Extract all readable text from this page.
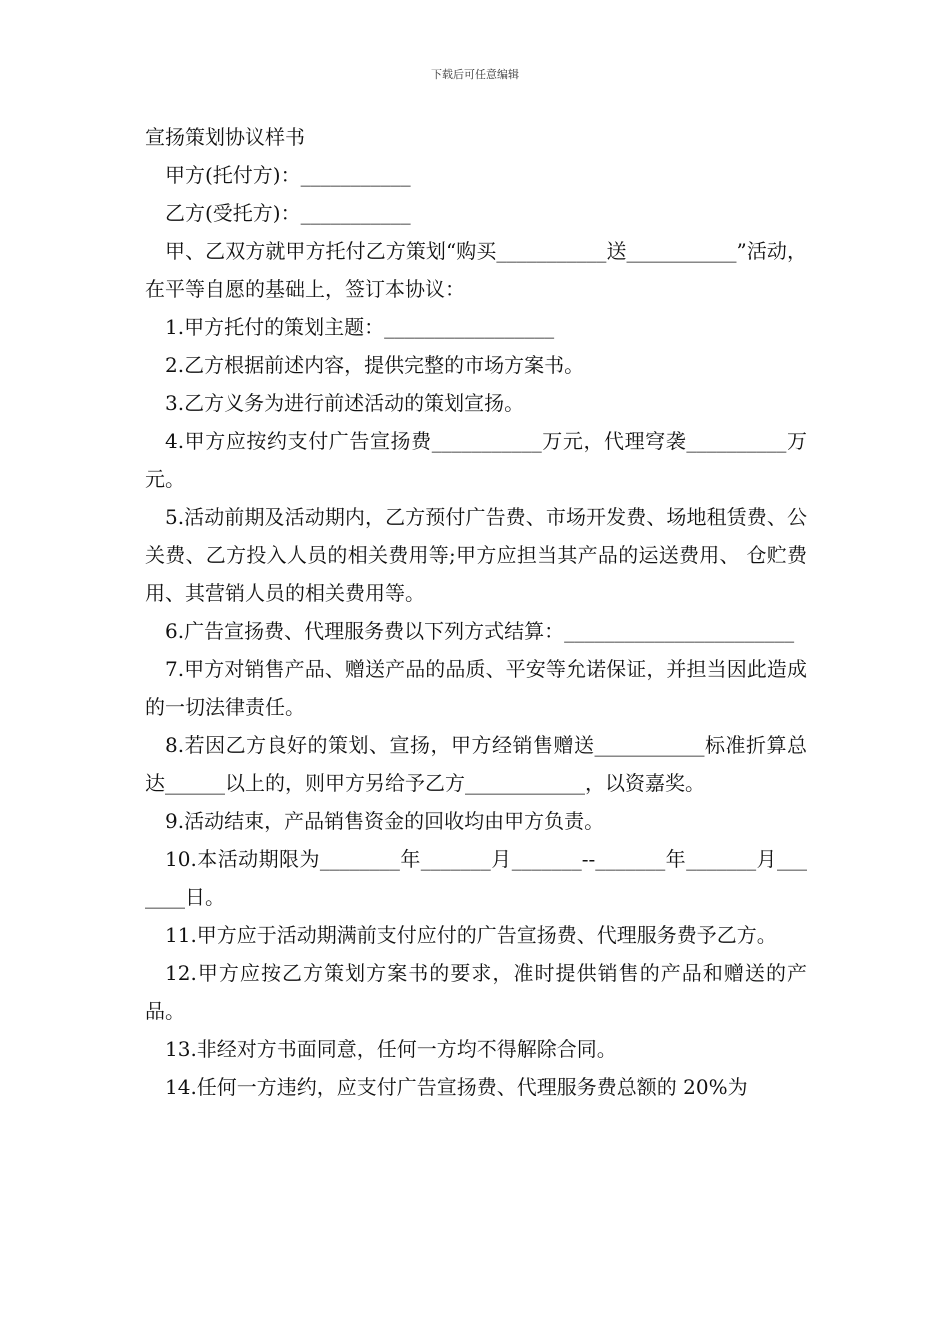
下载后可任意编辑
宣扬策划协议样书

甲方(托付方)：___________

乙方(受托方)：___________

甲、乙双方就甲方托付乙方策划“购买___________送___________”活动，在平等自愿的基础上，签订本协议：

1.甲方托付的策划主题：_________________

2.乙方根据前述内容，提供完整的市场方案书。

3.乙方义务为进行前述活动的策划宣扬。

4.甲方应按约支付广告宣扬费___________万元，代理穹袭__________万元。

5.活动前期及活动期内，乙方预付广告费、市场开发费、场地租赁费、公关费、乙方投入人员的相关费用等;甲方应担当其产品的运送费用、 仓贮费用、其营销人员的相关费用等。

6.广告宣扬费、代理服务费以下列方式结算：_______________________

7.甲方对销售产品、赠送产品的品质、平安等允诺保证，并担当因此造成的一切法律责任。

8.若因乙方良好的策划、宣扬，甲方经销售赠送___________标准折算总达______以上的，则甲方另给予乙方____________，以资嘉奖。

9.活动结束，产品销售资金的回收均由甲方负责。

10.本活动期限为________年_______月_______--_______年_______月_______日。

11.甲方应于活动期满前支付应付的广告宣扬费、代理服务费予乙方。

12.甲方应按乙方策划方案书的要求，准时提供销售的产品和赠送的产品。

13.非经对方书面同意，任何一方均不得解除合同。

14.任何一方违约，应支付广告宣扬费、代理服务费总额的 20%为
